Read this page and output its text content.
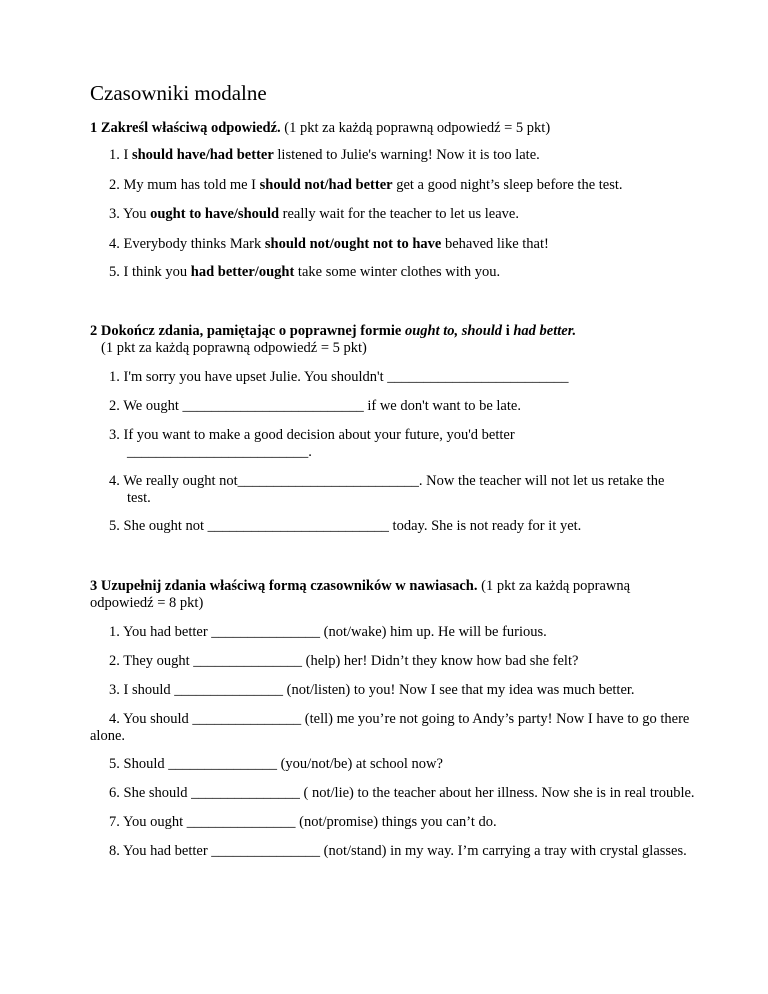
Czasowniki modalne
1 Zakreśl właściwą odpowiedź. (1 pkt za każdą poprawną odpowiedź = 5 pkt)
1. I should have/had better listened to Julie's warning! Now it is too late.
2. My mum has told me I should not/had better get a good night’s sleep before the test.
3. You ought to have/should really wait for the teacher to let us leave.
4. Everybody thinks Mark should not/ought not to have behaved like that!
5. I think you had better/ought take some winter clothes with you.
2 Dokończ zdania, pamiętając o poprawnej formie ought to, should i had better.
(1 pkt za każdą poprawną odpowiedź = 5 pkt)
1. I'm sorry you have upset Julie. You shouldn't _________________________
2. We ought _________________________ if we don't want to be late.
3. If you want to make a good decision about your future, you'd better
_________________________.
4. We really ought not_________________________. Now the teacher will not let us retake the
test.
5. She ought not _________________________ today. She is not ready for it yet.
3 Uzupełnij zdania właściwą formą czasowników w nawiasach. (1 pkt za każdą poprawną
odpowiedź = 8 pkt)
1. You had better _______________ (not/wake) him up. He will be furious.
2. They ought _______________ (help) her! Didn’t they know how bad she felt?
3. I should _______________ (not/listen) to you! Now I see that my idea was much better.
4. You should _______________ (tell) me you’re not going to Andy’s party! Now I have to go there
alone.
5. Should _______________ (you/not/be) at school now?
6. She should _______________ ( not/lie) to the teacher about her illness. Now she is in real trouble.
7. You ought _______________ (not/promise) things you can’t do.
8. You had better _______________ (not/stand) in my way. I’m carrying a tray with crystal glasses.
